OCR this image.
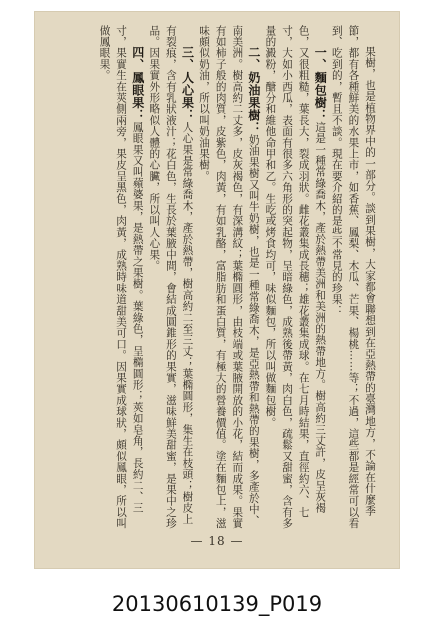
果樹，也是植物界中的一部分。談到果樹，大家都會聯想到在亞熱帶的臺灣地方，不論在什麼季節，都有各種鮮美的水果上市，如香蕉、鳳梨、木瓜、芒果、楊桃……等；不過，這些都是經常可以看到、吃到的，暫且不談。現在要介紹的是些不常見的珍果：

一、麵包樹：這是一種常綠喬木，產於熱帶美洲和美洲的熱帶地方。樹高約三丈許，皮呈灰褐色，又很粗糙，葉長大，裂成羽狀。雌花叢集成長穗；雄花叢集成球。在七月時結果，直徑約六、七寸，大如小西瓜，表面有很多六角形的突起物，呈暗綠色，成熟後帶黃，肉白色，疏鬆又甜蜜，含有多量的澱粉，醣分和維他命甲和乙。生吃或烤食均可，味似麵包，所以叫做麵包樹。

二、奶油果樹：奶油果樹又叫牛奶樹，也是一種常綠喬木，是亞熱帶和熱帶的果樹，多產於中、南美洲。樹高約二丈多，皮灰褐色，有深溝紋；葉橢圓形，由枝端或葉腋開放的小花，結而成果。果實有如柿子般的肉質，皮紫色，肉黃，有如乳酪，富脂肪和蛋白質，有極大的營養價值。塗在麵包上，滋味頗似奶油，所以叫奶油果樹。

三、人心果：人心果是常綠喬木，產於熱帶，樹高約二至三丈；葉橢圓形，集生在枝頭；樹皮上有裂痕，含有乳狀液汁；花白色，生長於葉腋中間，會結成圓錐形的果實，滋味鮮美甜蜜，是果中之珍品。因果實外形略似人體的心臟，所以叫人心果。

四、鳳眼果：鳳眼果又叫蘋婆果，是熱帶之果樹。葉綠色，呈橢圓形；莢如皂角，長約二、三寸，果實生在莢側兩旁，果皮呈黑色，肉黃，成熟時味道甜美可口。因果實成球狀，頗似鳳眼，所以叫做鳳眼果。

— 18 —
20130610139_P019
